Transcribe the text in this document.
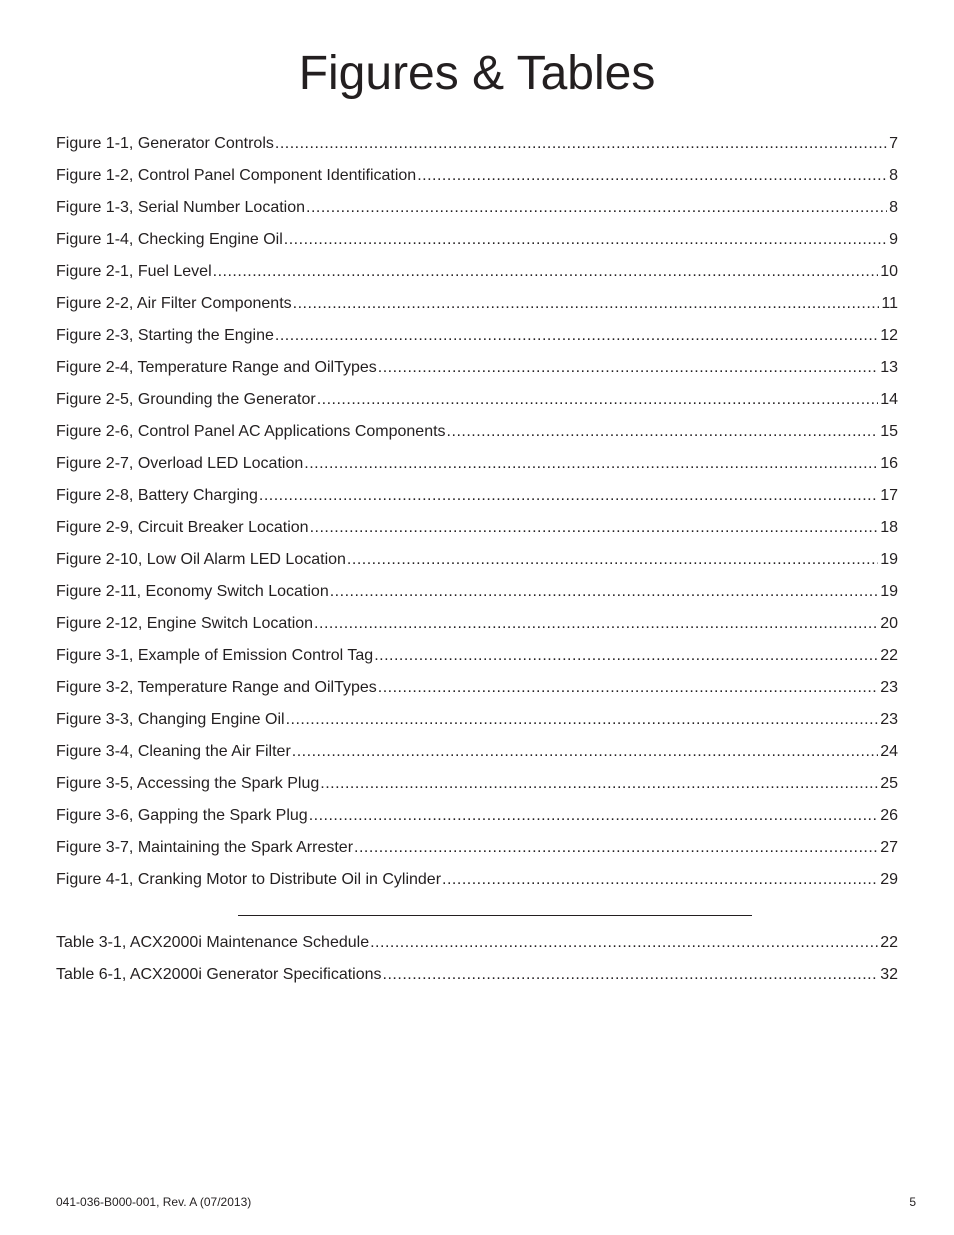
Figures & Tables
Figure 1-1, Generator Controls .....	7
Figure 1-2, Control Panel Component Identification .....	8
Figure 1-3, Serial Number Location .....	8
Figure 1-4, Checking Engine Oil .....	9
Figure 2-1, Fuel Level .....	10
Figure 2-2, Air Filter Components .....	11
Figure 2-3, Starting the Engine .....	12
Figure 2-4, Temperature Range and OilTypes .....	13
Figure 2-5, Grounding the Generator .....	14
Figure 2-6, Control Panel AC Applications Components .....	15
Figure 2-7, Overload LED Location .....	16
Figure 2-8, Battery Charging .....	17
Figure 2-9, Circuit Breaker Location .....	18
Figure 2-10, Low Oil Alarm LED Location .....	19
Figure 2-11, Economy Switch Location .....	19
Figure 2-12, Engine Switch Location .....	20
Figure 3-1, Example of Emission Control Tag .....	22
Figure 3-2, Temperature Range and OilTypes .....	23
Figure 3-3, Changing Engine Oil .....	23
Figure 3-4, Cleaning the Air Filter .....	24
Figure 3-5, Accessing the Spark Plug .....	25
Figure 3-6, Gapping the Spark Plug .....	26
Figure 3-7, Maintaining the Spark Arrester .....	27
Figure 4-1, Cranking Motor to Distribute Oil in Cylinder .....	29
Table 3-1, ACX2000i Maintenance Schedule .....	22
Table 6-1, ACX2000i Generator Specifications .....	32
041-036-B000-001, Rev. A (07/2013)	5
